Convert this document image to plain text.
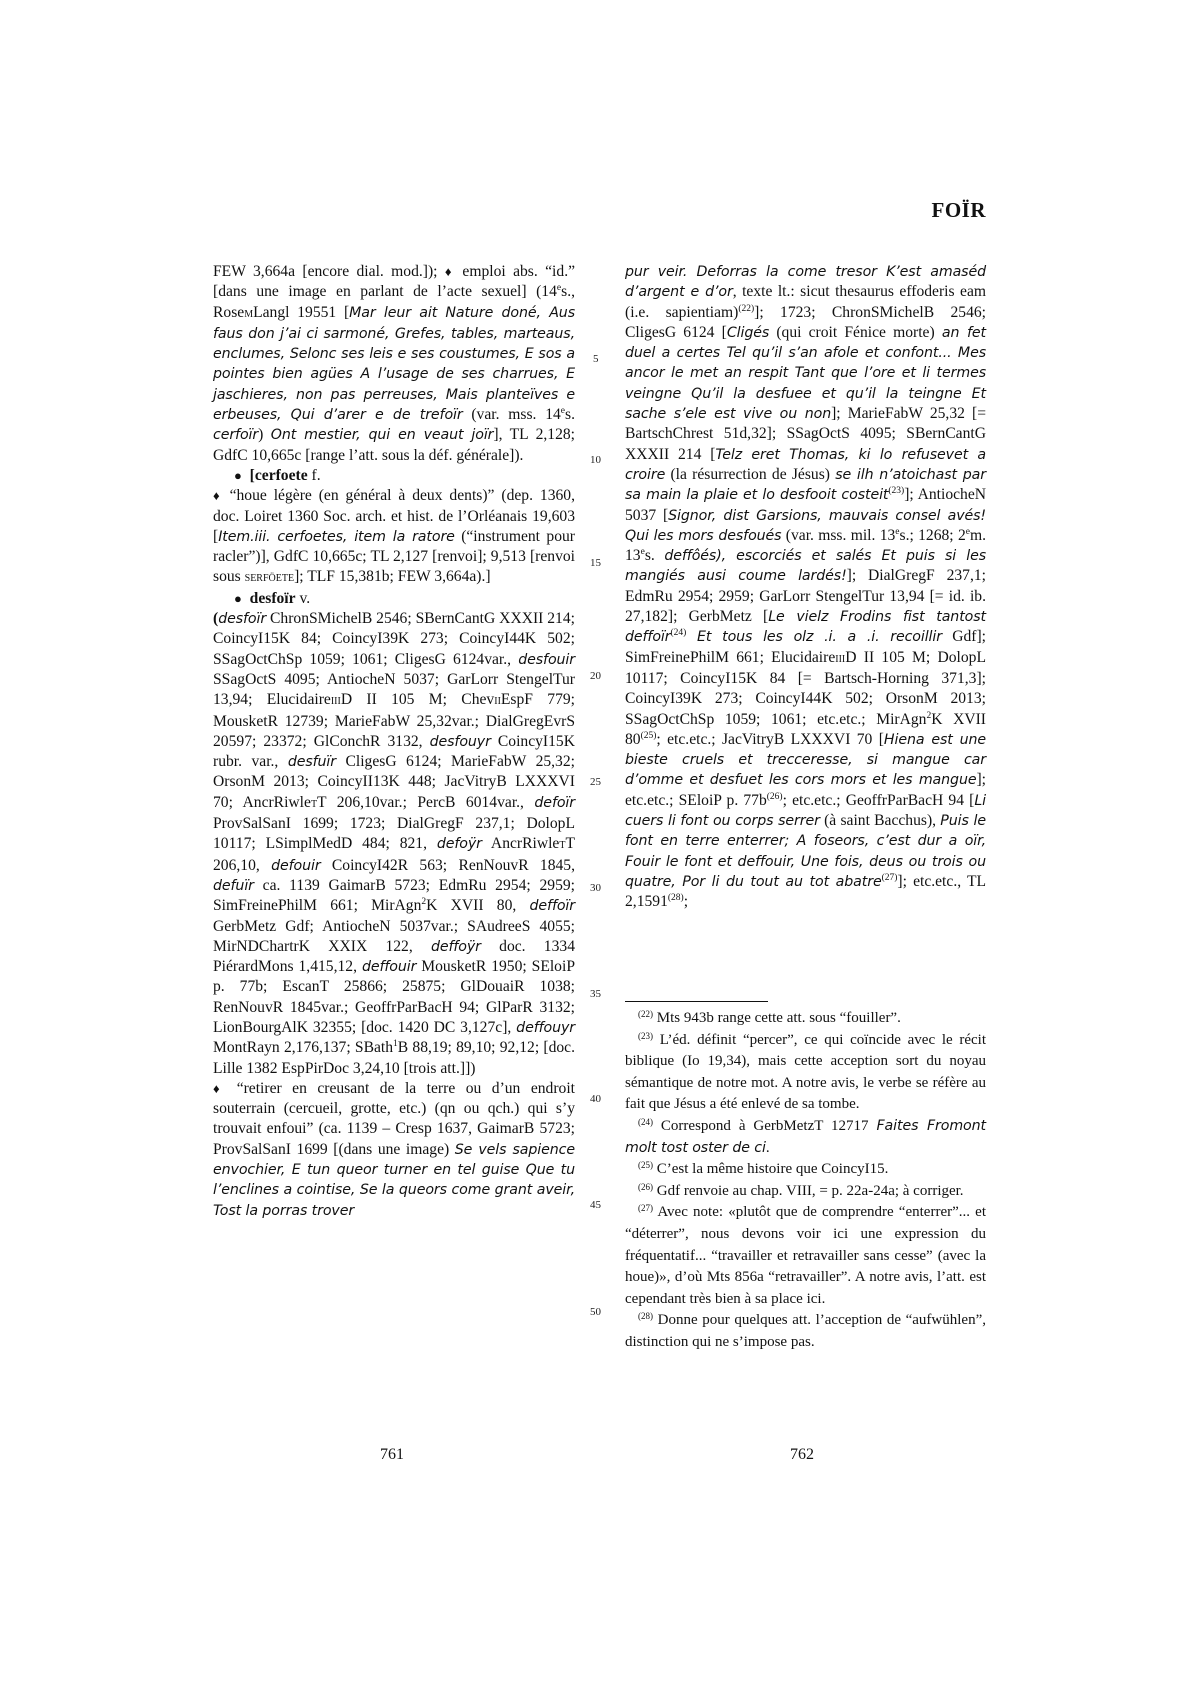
FOÏR

FEW 3,664a [encore dial. mod.]); ♦ emploi abs. “id.” [dans une image en parlant de l’acte sexuel] (14es., RosemLangl 19551 [Mar leur ait Nature doné, Aus faus don j’ai ci sarmoné, Grefes, tables, marteaus, enclumes, Selonc ses leis e ses coustumes, E sos a pointes bien agües A l’usage de ses charrues, E jaschieres, non pas perreuses, Mais planteïves e erbeuses, Qui d’arer e de trefoïr (var. mss. 14es. cerfoïr) Ont mestier, qui en veaut joïr], TL 2,128; GdfC 10,665c [range l’att. sous la déf. générale]).

● [cerfoete f.

♦ “houe légère (en général à deux dents)” (dep. 1360, doc. Loiret 1360 Soc. arch. et hist. de l’Orléanais 19,603 [Item.iii. cerfoetes, item la ratore (“instrument pour racler”)], GdfC 10,665c; TL 2,127 [renvoi]; 9,513 [renvoi sous serföete]; TLF 15,381b; FEW 3,664a).]

● desfoïr v.

(desfoïr ChronSMichelB 2546; SBernCantG XXXII 214; CoincyI15K 84; CoincyI39K 273; CoincyI44K 502; SSagOctChSp 1059; 1061; CligesG 6124var., desfouir SSagOctS 4095; AntiocheN 5037; GarLorr StengelTur 13,94; ElucidaireiiiD II 105 M; CheviiEspF 779; MousketR 12739; MarieFabW 25,32var.; DialGregEvrS 20597; 23372; GlConchR 3132, desfouyr CoincyI15K rubr. var., desfuïr CligesG 6124; MarieFabW 25,32; OrsonM 2013; CoincyII13K 448; JacVitryB LXXXVI 70; AncrRiwletT 206,10var.; PercB 6014var., defoïr ProvSalSanI 1699; 1723; DialGregF 237,1; DolopL 10117; LSimplMedD 484; 821, defoÿr AncrRiwletT 206,10, defouir CoincyI42R 563; RenNouvR 1845, defuïr ca. 1139 GaimarB 5723; EdmRu 2954; 2959; SimFreinePhilM 661; MirAgn$^2$K XVII 80, deffoïr GerbMetz Gdf; AntiocheN 5037var.; SAudreeS 4055; MirNDChartrK XXIX 122, deffoÿr doc. 1334 PiérardMons 1,415,12, deffouir MousketR 1950; SEloiP p. 77b; EscanT 25866; 25875; GlDouaiR 1038; RenNouvR 1845var.; GeoffrParBacH 94; GlParR 3132; LionBourgAlK 32355; [doc. 1420 DC 3,127c], deffouyr MontRayn 2,176,137; SBath$^1$B 88,19; 89,10; 92,12; [doc. Lille 1382 EspPirDoc 3,24,10 [trois att.]])

♦ “retirer en creusant de la terre ou d’un endroit souterrain (cercueil, grotte, etc.) (qn ou qch.) qui s’y trouvait enfoui” (ca. 1139 – Cresp 1637, GaimarB 5723; ProvSalSanI 1699 [(dans une image) Se vels sapience envochier, E tun queor turner en tel guise Que tu l’enclines a cointise, Se la queors come grant aveir, Tost la porras trover

5
10
15
20
25
30
35
40
45
50

pur veir. Deforras la come tresor K’est amaséd d’argent e d’or, texte lt.: sicut thesaurus effoderis eam (i.e. sapientiam)$^{(22)}$]; 1723; ChronSMichelB 2546; CligesG 6124 [Cligés (qui croit Fénice morte) an fet duel a certes Tel qu’il s’an afole et confont... Mes ancor le met an respit Tant que l’ore et li termes veingne Qu’il la desfuee et qu’il la teingne Et sache s’ele est vive ou non]; MarieFabW 25,32 [= BartschChrest 51d,32]; SSagOctS 4095; SBernCantG XXXII 214 [Telz eret Thomas, ki lo refusevet a croire (la résurrection de Jésus) se ilh n’atoichast par sa main la plaie et lo desfooit costeit$^{(23)}$]; AntiocheN 5037 [Signor, dist Garsions, mauvais consel avés! Qui les mors desfoués (var. mss. mil. 13es.; 1268; 2em. 13es. deffôés), escorciés et salés Et puis si les mangiés ausi coume lardés!]; DialGregF 237,1; EdmRu 2954; 2959; GarLorr StengelTur 13,94 [= id. ib. 27,182]; GerbMetz [Le vielz Frodins fist tantost deffoïr$^{(24)}$ Et tous les olz .i. a .i. recoillir Gdf]; SimFreinePhilM 661; ElucidaireiiiD II 105 M; DolopL 10117; CoincyI15K 84 [= Bartsch-Horning 371,3]; CoincyI39K 273; CoincyI44K 502; OrsonM 2013; SSagOctChSp 1059; 1061; etc.etc.; MirAgn$^2$K XVII 80$^{(25)}$; etc.etc.; JacVitryB LXXXVI 70 [Hiena est une bieste cruels et trecceresse, si mangue car d’omme et desfuet les cors mors et les mangue]; etc.etc.; SEloiP p. $77b^{(26)}$; etc.etc.; GeoffrParBacH 94 [Li cuers li font ou corps serrer (à saint Bacchus), Puis le font en terre enterrer; A foseors, c’est dur a oïr, Fouir le font et deffouir, Une fois, deus ou trois ou quatre, Por li du tout au tot abatre$^{(27)}$]; etc.etc., TL 2,1591$^{(28)}$;

$^{(22)}$ Mts 943b range cette att. sous “fouiller”.

$^{(23)}$ L’éd. définit “percer”, ce qui coïncide avec le récit biblique (Io 19,34), mais cette acception sort du noyau sémantique de notre mot. A notre avis, le verbe se réfère au fait que Jésus a été enlevé de sa tombe.

$^{(24)}$ Correspond à GerbMetzT 12717 Faites Fromont molt tost oster de ci.

$^{(25)}$ C’est la même histoire que CoincyI15.

$^{(26)}$ Gdf renvoie au chap. VIII, = p. 22a-24a; à corriger.

$^{(27)}$ Avec note: «plutôt que de comprendre “enterrer”... et “déterrer”, nous devons voir ici une expression du fréquentatif... “travailler et retravailler sans cesse” (avec la houe)», d’où Mts 856a “retravailler”. A notre avis, l’att. est cependant très bien à sa place ici.

$^{(28)}$ Donne pour quelques att. l’acception de “aufwühlen”, distinction qui ne s’impose pas.

761	762
